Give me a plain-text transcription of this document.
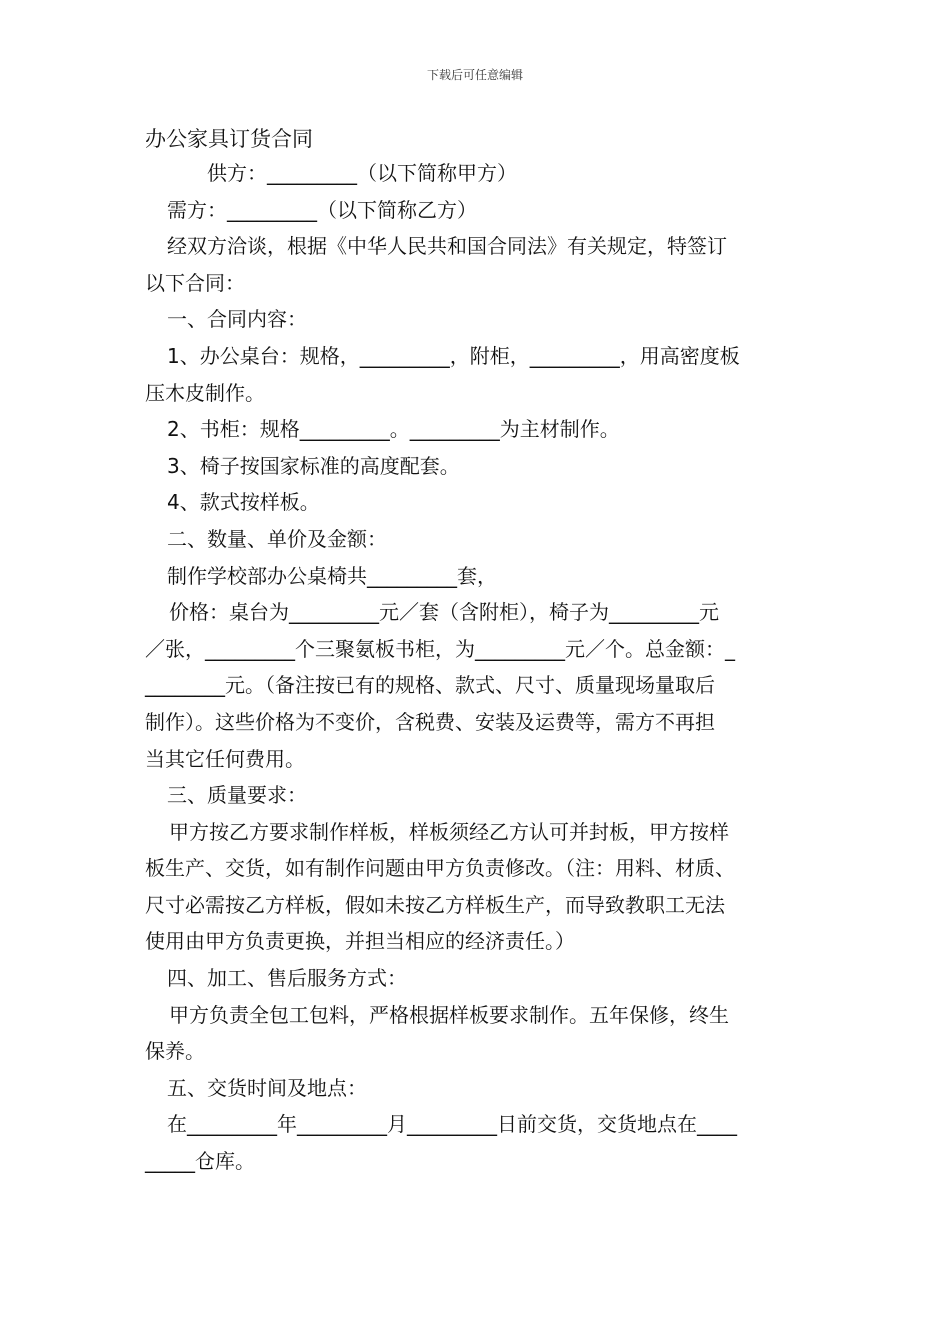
下载后可任意编辑
办公家具订货合同

供方：_________（以下简称甲方）

需方：_________（以下简称乙方）

经双方洽谈，根据《中华人民共和国合同法》有关规定，特签订

以下合同：

一、合同内容：

1、办公桌台：规格，_________，附柜，_________，用高密度板

压木皮制作。

2、书柜：规格_________。_________为主材制作。

3、椅子按国家标准的高度配套。

4、款式按样板。

二、数量、单价及金额：

制作学校部办公桌椅共_________套，

价格：桌台为_________元／套（含附柜），椅子为_________元

／张，_________个三聚氨板书柜，为_________元／个。总金额：_

________元。（备注按已有的规格、款式、尺寸、质量现场量取后

制作）。这些价格为不变价，含税费、安装及运费等，需方不再担

当其它任何费用。

三、质量要求：

甲方按乙方要求制作样板，样板须经乙方认可并封板，甲方按样

板生产、交货，如有制作问题由甲方负责修改。（注：用料、材质、

尺寸必需按乙方样板，假如未按乙方样板生产，而导致教职工无法

使用由甲方负责更换，并担当相应的经济责任。）

四、加工、售后服务方式：

甲方负责全包工包料，严格根据样板要求制作。五年保修，终生

保养。

五、交货时间及地点：

在_________年_________月_________日前交货，交货地点在____

_____仓库。
